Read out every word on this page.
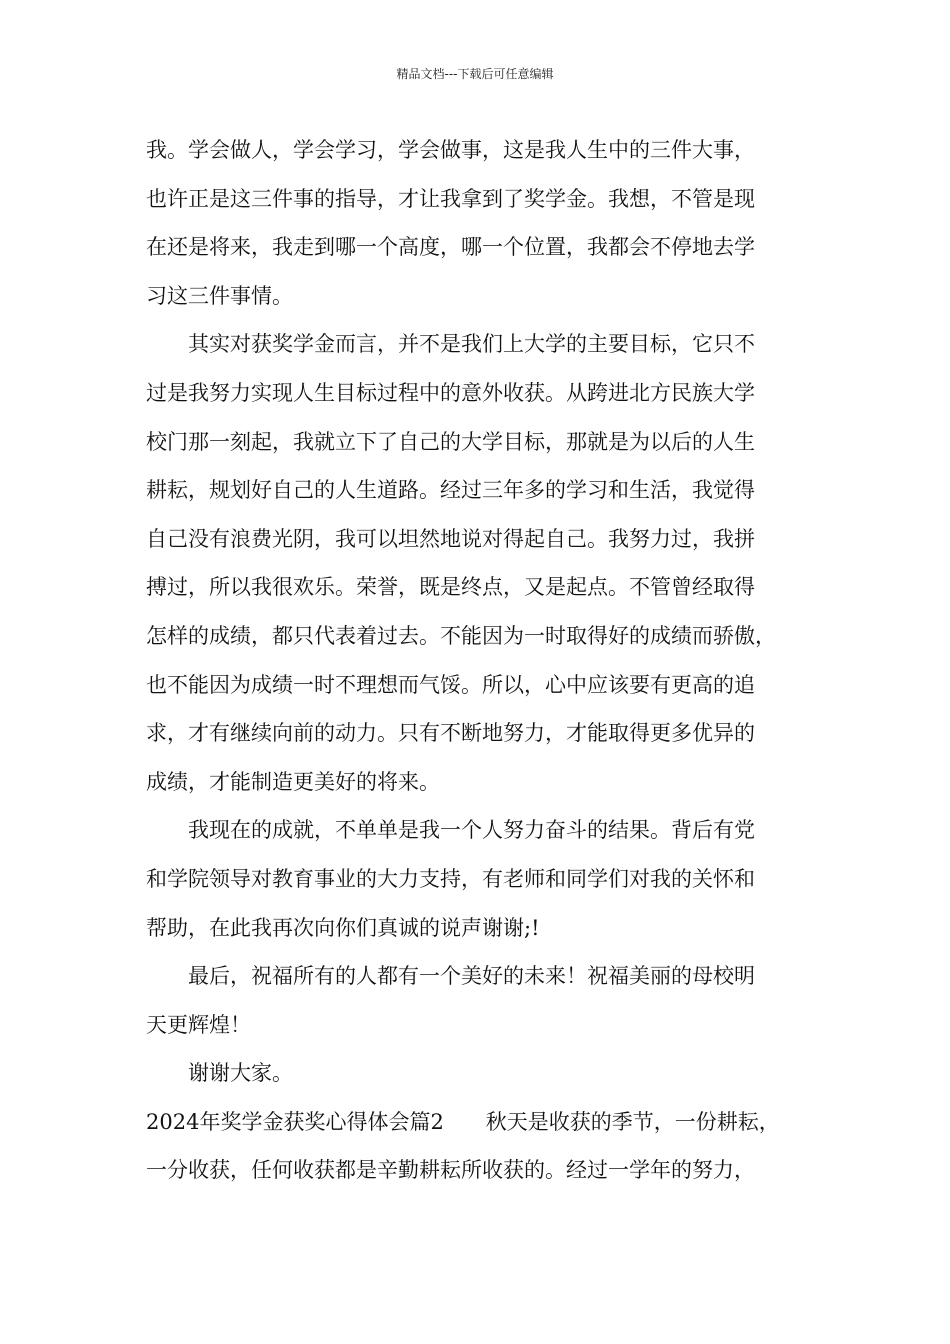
精品文档---下载后可任意编辑

我。学会做人，学会学习，学会做事，这是我人生中的三件大事，
也许正是这三件事的指导，才让我拿到了奖学金。我想，不管是现
在还是将来，我走到哪一个高度，哪一个位置，我都会不停地去学
习这三件事情。

其实对获奖学金而言，并不是我们上大学的主要目标，它只不
过是我努力实现人生目标过程中的意外收获。从跨进北方民族大学
校门那一刻起，我就立下了自己的大学目标，那就是为以后的人生
耕耘，规划好自己的人生道路。经过三年多的学习和生活，我觉得
自己没有浪费光阴，我可以坦然地说对得起自己。我努力过，我拼
搏过，所以我很欢乐。荣誉，既是终点，又是起点。不管曾经取得
怎样的成绩，都只代表着过去。不能因为一时取得好的成绩而骄傲，
也不能因为成绩一时不理想而气馁。所以，心中应该要有更高的追
求，才有继续向前的动力。只有不断地努力，才能取得更多优异的
成绩，才能制造更美好的将来。

我现在的成就，不单单是我一个人努力奋斗的结果。背后有党
和学院领导对教育事业的大力支持，有老师和同学们对我的关怀和
帮助，在此我再次向你们真诚的说声谢谢;!

最后，祝福所有的人都有一个美好的未来！祝福美丽的母校明
天更辉煌！

谢谢大家。

2024年奖学金获奖心得体会篇2　　秋天是收获的季节，一份耕耘，
一分收获，任何收获都是辛勤耕耘所收获的。经过一学年的努力，
